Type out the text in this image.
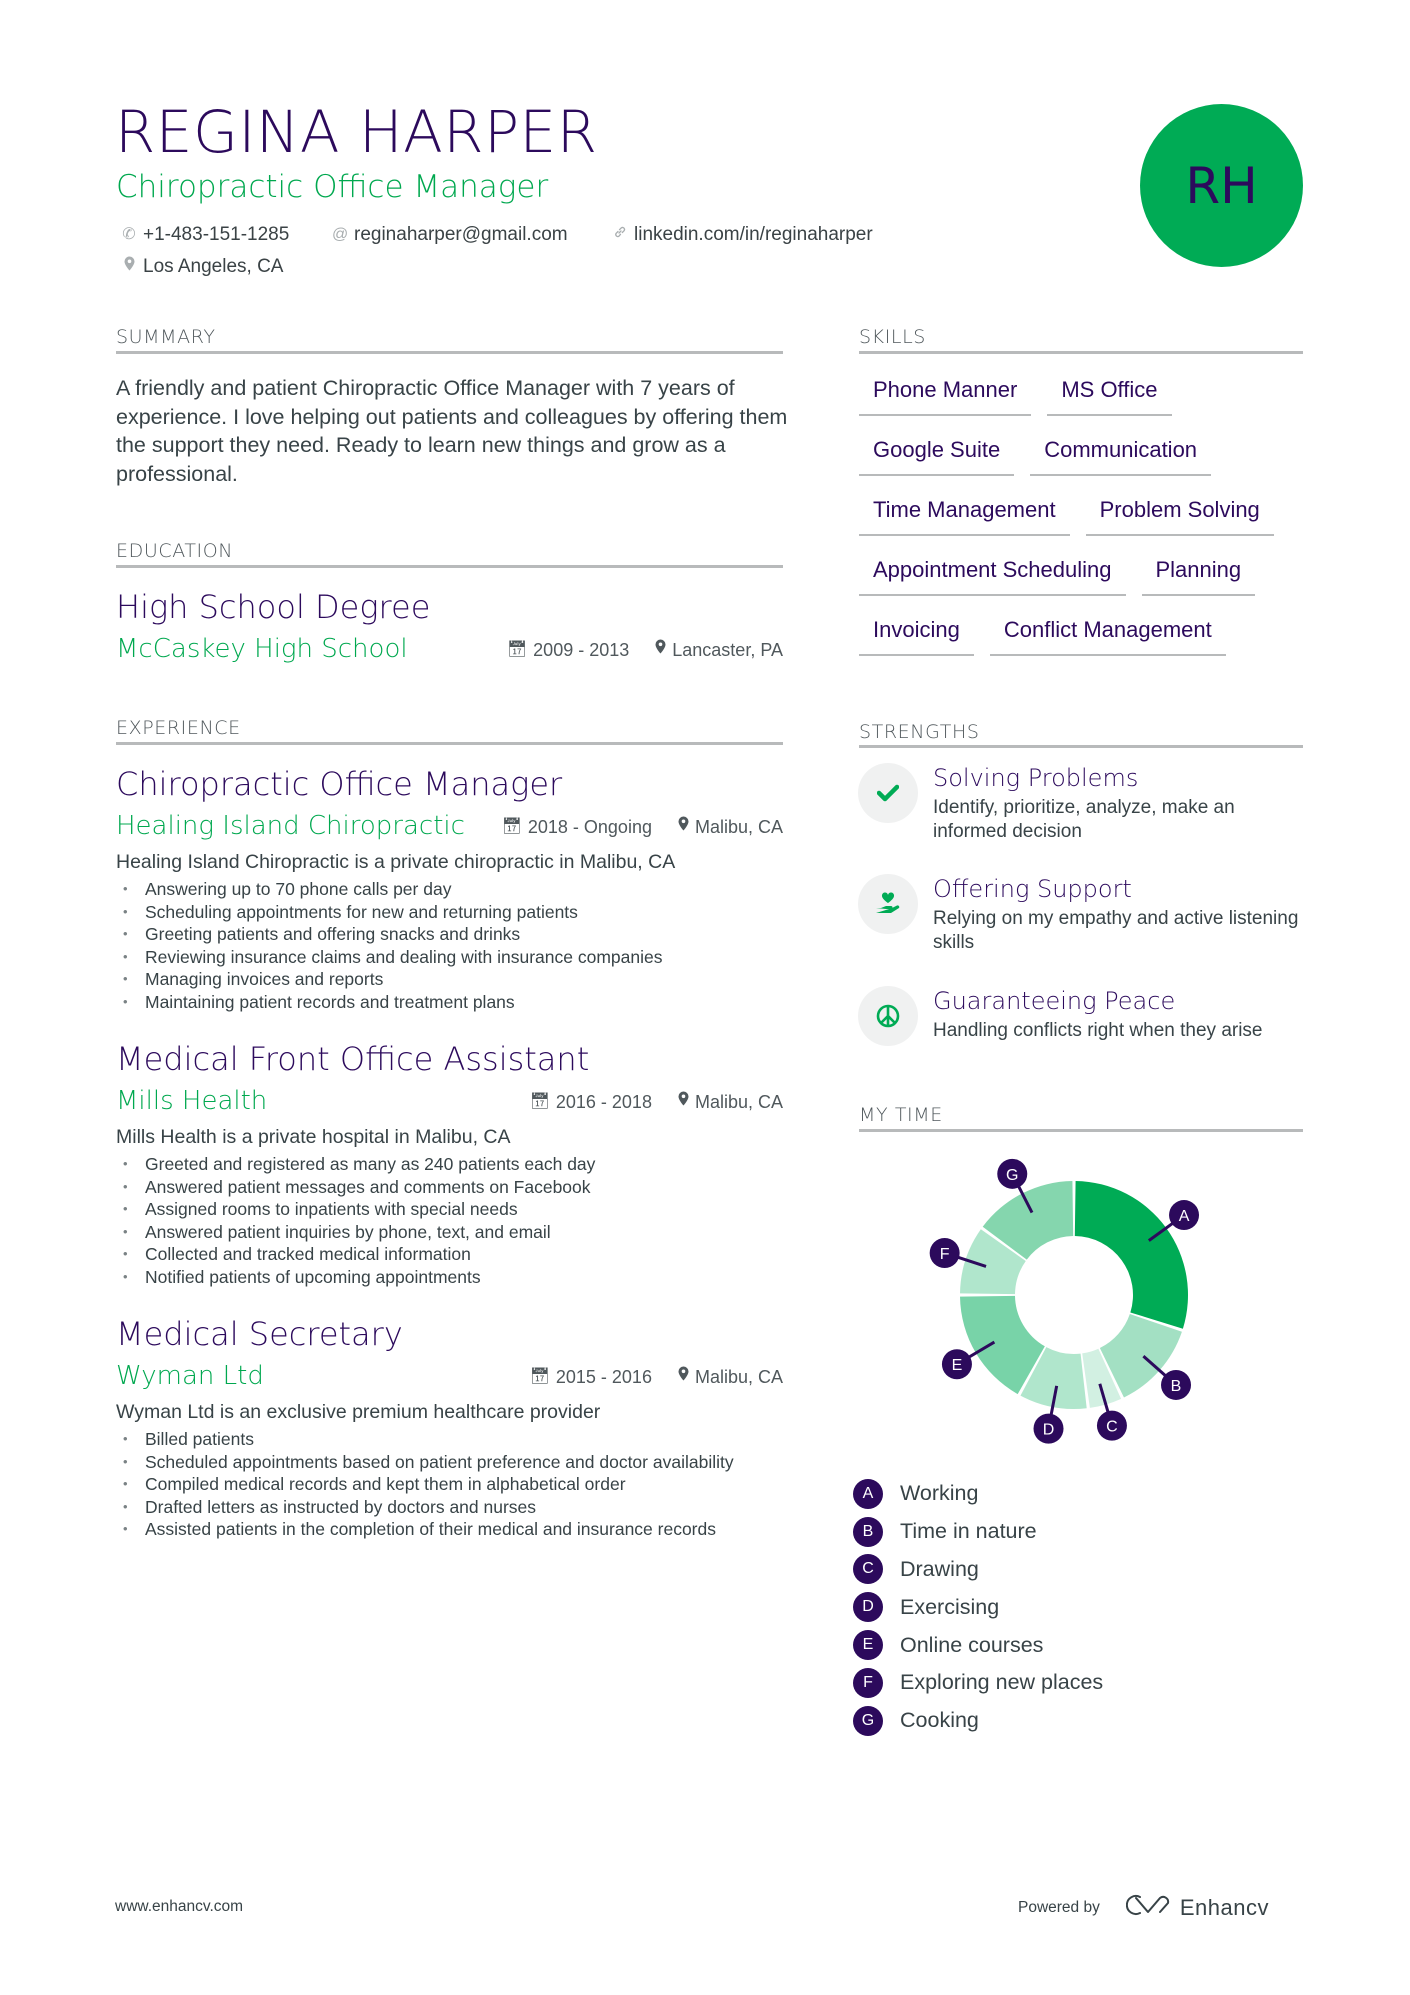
REGINA HARPER
Chiropractic Office Manager
✆ +1-483-151-1285	@ reginaharper@gmail.com	linkedin.com/in/reginaharper
Los Angeles, CA
RH
SUMMARY
A friendly and patient Chiropractic Office Manager with 7 years of experience. I love helping out patients and colleagues by offering them the support they need. Ready to learn new things and grow as a professional.
EDUCATION
High School Degree
McCaskey High School	📅︎ 2009 - 2013 Lancaster, PA
EXPERIENCE
Chiropractic Office Manager
Healing Island Chiropractic 📅︎ 2018 - Ongoing Malibu, CA
Healing Island Chiropractic is a private chiropractic in Malibu, CA
• Answering up to 70 phone calls per day
• Scheduling appointments for new and returning patients
• Greeting patients and offering snacks and drinks
• Reviewing insurance claims and dealing with insurance companies
• Managing invoices and reports
• Maintaining patient records and treatment plans
Medical Front Office Assistant
Mills Health	📅︎ 2016 - 2018 Malibu, CA
Mills Health is a private hospital in Malibu, CA
• Greeted and registered as many as 240 patients each day
• Answered patient messages and comments on Facebook
• Assigned rooms to inpatients with special needs
• Answered patient inquiries by phone, text, and email
• Collected and tracked medical information
• Notified patients of upcoming appointments
Medical Secretary
Wyman Ltd	📅︎ 2015 - 2016 Malibu, CA
Wyman Ltd is an exclusive premium healthcare provider
• Billed patients
• Scheduled appointments based on patient preference and doctor availability
• Compiled medical records and kept them in alphabetical order
• Drafted letters as instructed by doctors and nurses
• Assisted patients in the completion of their medical and insurance records
SKILLS
Phone Manner	MS Office
Google Suite	Communication
Time Management	Problem Solving
Appointment Scheduling	Planning
Invoicing	Conflict Management
STRENGTHS
Solving Problems
Identify, prioritize, analyze, make an informed decision
Offering Support
Relying on my empathy and active listening skills
Guaranteeing Peace
Handling conflicts right when they arise
MY TIME
A
B
C
D
E
F
G
A	Working
B	Time in nature
C	Drawing
D	Exercising
E	Online courses
F	Exploring new places
G	Cooking
www.enhancv.com	Powered by	Enhancv
